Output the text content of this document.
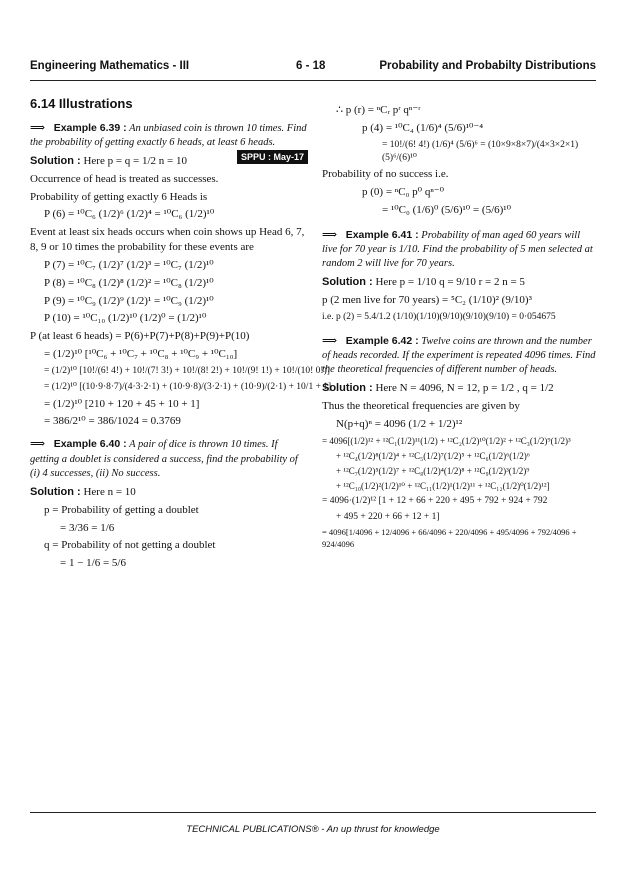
Engineering Mathematics - III	6 - 18	Probability and Probabilty Distributions
6.14 Illustrations
⟹ Example 6.39 : An unbiased coin is thrown 10 times. Find the probability of getting exactly 6 heads, at least 6 heads.
SPPU : May-17

Solution : Here p = q = 1/2 n = 10

Occurrence of head is treated as successes.

Probability of getting exactly 6 Heads is

P (6) = ¹⁰C₆ (1/2)⁶ (1/2)⁴ = ¹⁰C₆ (1/2)¹⁰

Event at least six heads occurs when coin shows up Head 6, 7, 8, 9 or 10 times the probability for these events are

P (7) = ¹⁰C₇ (1/2)⁷ (1/2)³ = ¹⁰C₇ (1/2)¹⁰
P (8) = ¹⁰C₈ (1/2)⁸ (1/2)² = ¹⁰C₈ (1/2)¹⁰
P (9) = ¹⁰C₉ (1/2)⁹ (1/2)¹ = ¹⁰C₉ (1/2)¹⁰
P (10) = ¹⁰C₁₀ (1/2)¹⁰ (1/2)⁰ = (1/2)¹⁰
P (at least 6 heads) = P(6)+P(7)+P(8)+P(9)+P(10)
= (1/2)¹⁰ [¹⁰C₆ + ¹⁰C₇ + ¹⁰C₈ + ¹⁰C₉ + ¹⁰C₁₀]
= (1/2)¹⁰ [10!/(6! 4!) + 10!/(7! 3!) + 10!/(8! 2!) + 10!/(9! 1!) + 10!/(10! 0!)]
= (1/2)¹⁰ [(10·9·8·7)/(4·3·2·1) + (10·9·8)/(3·2·1) + (10·9)/(2·1) + 10/1 + 1]
= (1/2)¹⁰ [210 + 120 + 45 + 10 + 1]
= 386/2¹⁰ = 386/1024 = 0.3769
⟹ Example 6.40 : A pair of dice is thrown 10 times. If getting a doublet is considered a success, find the probability of (i) 4 successes, (ii) No success.

Solution : Here n = 10

p = Probability of getting a doublet
= 3/36 = 1/6
q = Probability of not getting a doublet
= 1 − 1/6 = 5/6
∴ p (r) = ⁿCᵣ pʳ qⁿ⁻ʳ
p (4) = ¹⁰C₄ (1/6)⁴ (5/6)¹⁰⁻⁴
= 10!/(6! 4!) (1/6)⁴ (5/6)⁶ = (10×9×8×7)/(4×3×2×1) (5)⁶/(6)¹⁰

Probability of no success i.e.

p (0) = ⁿC₀ p⁰ qⁿ⁻⁰
= ¹⁰C₀ (1/6)⁰ (5/6)¹⁰ = (5/6)¹⁰
⟹ Example 6.41 : Probability of man aged 60 years will live for 70 year is 1/10. Find the probability of 5 men selected at random 2 will live for 70 years.

Solution : Here p = 1/10 q = 9/10 r = 2 n = 5

p (2 men live for 70 years) = ⁵C₂ (1/10)² (9/10)³
i.e. p (2) = 5.4/1.2 (1/10)(1/10)(9/10)(9/10)(9/10) = 0·054675
⟹ Example 6.42 : Twelve coins are thrown and the number of heads recorded. If the experiment is repeated 4096 times. Find the theoretical frequencies of different number of heads.

Solution : Here N = 4096, N = 12, p = 1/2 , q = 1/2

Thus the theoretical frequencies are given by

N(p+q)ⁿ = 4096 (1/2 + 1/2)¹²
= 4096[(1/2)¹² + ¹²C₁(1/2)¹¹(1/2) + ¹²C₂(1/2)¹⁰(1/2)² + ¹²C₃(1/2)⁹(1/2)³
+ ¹²C₄(1/2)⁸(1/2)⁴ + ¹²C₅(1/2)⁷(1/2)⁵ + ¹²C₆(1/2)⁶(1/2)⁶
+ ¹²C₇(1/2)⁵(1/2)⁷ + ¹²C₈(1/2)⁴(1/2)⁸ + ¹²C₉(1/2)³(1/2)⁹
+ ¹²C₁₀(1/2)²(1/2)¹⁰ + ¹²C₁₁(1/2)¹(1/2)¹¹ + ¹²C₁₂(1/2)⁰(1/2)¹²]
= 4096·(1/2)¹² [1 + 12 + 66 + 220 + 495 + 792 + 924 + 792
+ 495 + 220 + 66 + 12 + 1]
= 4096[1/4096 + 12/4096 + 66/4096 + 220/4096 + 495/4096 + 792/4096 + 924/4096
TECHNICAL PUBLICATIONS® - An up thrust for knowledge
